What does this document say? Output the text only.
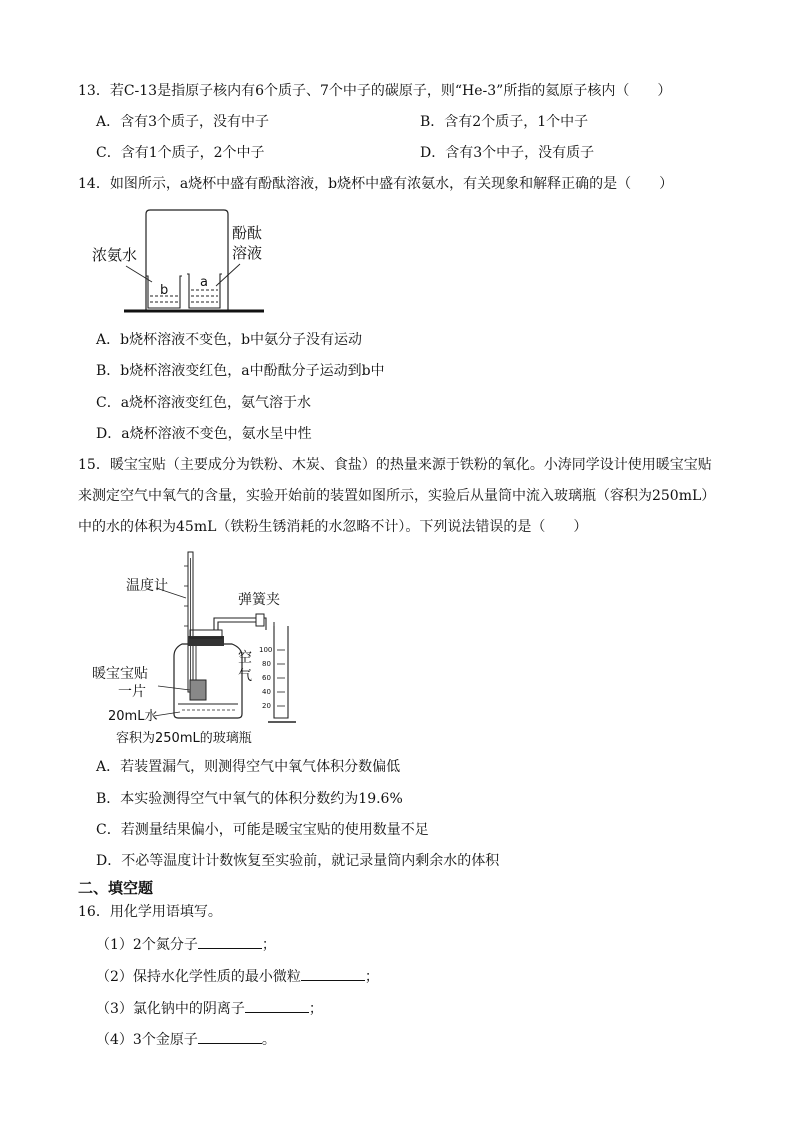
13．若C-13是指原子核内有6个质子、7个中子的碳原子，则“He-3”所指的氦原子核内（　　）
A．含有3个质子，没有中子	B．含有2个质子，1个中子
C．含有1个质子，2个中子	D．含有3个中子，没有质子
14．如图所示，a烧杯中盛有酚酞溶液，b烧杯中盛有浓氨水，有关现象和解释正确的是（　　）
浓氨水
酚酞
溶液
b
a
A．b烧杯溶液不变色，b中氨分子没有运动
B．b烧杯溶液变红色，a中酚酞分子运动到b中
C．a烧杯溶液变红色，氨气溶于水
D．a烧杯溶液不变色，氨水呈中性
15．暖宝宝贴（主要成分为铁粉、木炭、食盐）的热量来源于铁粉的氧化。小涛同学设计使用暖宝宝贴
来测定空气中氧气的含量，实验开始前的装置如图所示，实验后从量筒中流入玻璃瓶（容积为250mL）
中的水的体积为45mL（铁粉生锈消耗的水忽略不计）。下列说法错误的是（　　）
温度计
弹簧夹
暖宝宝贴
一片
空
气
20mL水
容积为250mL的玻璃瓶
100
80
60
40
20
A．若装置漏气，则测得空气中氧气体积分数偏低
B．本实验测得空气中氧气的体积分数约为19.6%
C．若测量结果偏小，可能是暖宝宝贴的使用数量不足
D．不必等温度计计数恢复至实验前，就记录量筒内剩余水的体积
二、填空题
16．用化学用语填写。
（1）2个氮分子	；
（2）保持水化学性质的最小微粒	；
（3）氯化钠中的阴离子	；
（4）3个金原子	。
